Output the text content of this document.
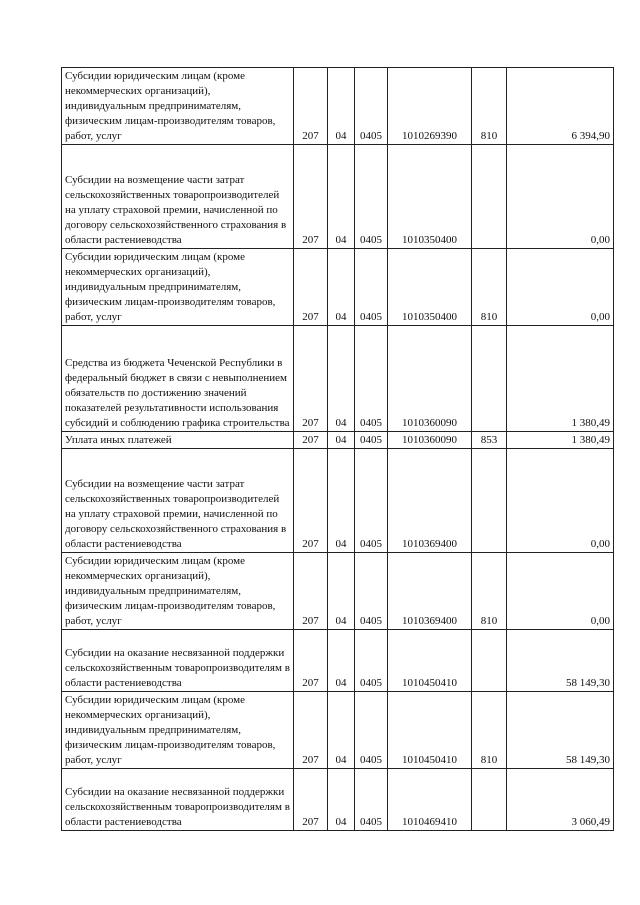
Субсидии юридическим лицам (кроме некоммерческих организаций), индивидуальным предпринимателям, физическим лицам-производителям товаров, работ, услуг	207	04	0405	1010269390	810	6 394,90
Субсидии на возмещение части затрат сельскохозяйственных товаропроизводителей на уплату страховой премии, начисленной по договору сельскохозяйственного страхования в области растениеводства	207	04	0405	1010350400		0,00
Субсидии юридическим лицам (кроме некоммерческих организаций), индивидуальным предпринимателям, физическим лицам-производителям товаров, работ, услуг	207	04	0405	1010350400	810	0,00
Средства из бюджета Чеченской Республики в федеральный бюджет в связи с невыполнением обязательств по достижению значений показателей результативности использования субсидий и соблюдению графика строительства	207	04	0405	1010360090		1 380,49
Уплата иных платежей	207	04	0405	1010360090	853	1 380,49
Субсидии на возмещение части затрат сельскохозяйственных товаропроизводителей на уплату страховой премии, начисленной по договору сельскохозяйственного страхования в области растениеводства	207	04	0405	1010369400		0,00
Субсидии юридическим лицам (кроме некоммерческих организаций), индивидуальным предпринимателям, физическим лицам-производителям товаров, работ, услуг	207	04	0405	1010369400	810	0,00
Субсидии на оказание несвязанной поддержки сельскохозяйственным товаропроизводителям в области растениеводства	207	04	0405	1010450410		58 149,30
Субсидии юридическим лицам (кроме некоммерческих организаций), индивидуальным предпринимателям, физическим лицам-производителям товаров, работ, услуг	207	04	0405	1010450410	810	58 149,30
Субсидии на оказание несвязанной поддержки сельскохозяйственным товаропроизводителям в области растениеводства	207	04	0405	1010469410		3 060,49
